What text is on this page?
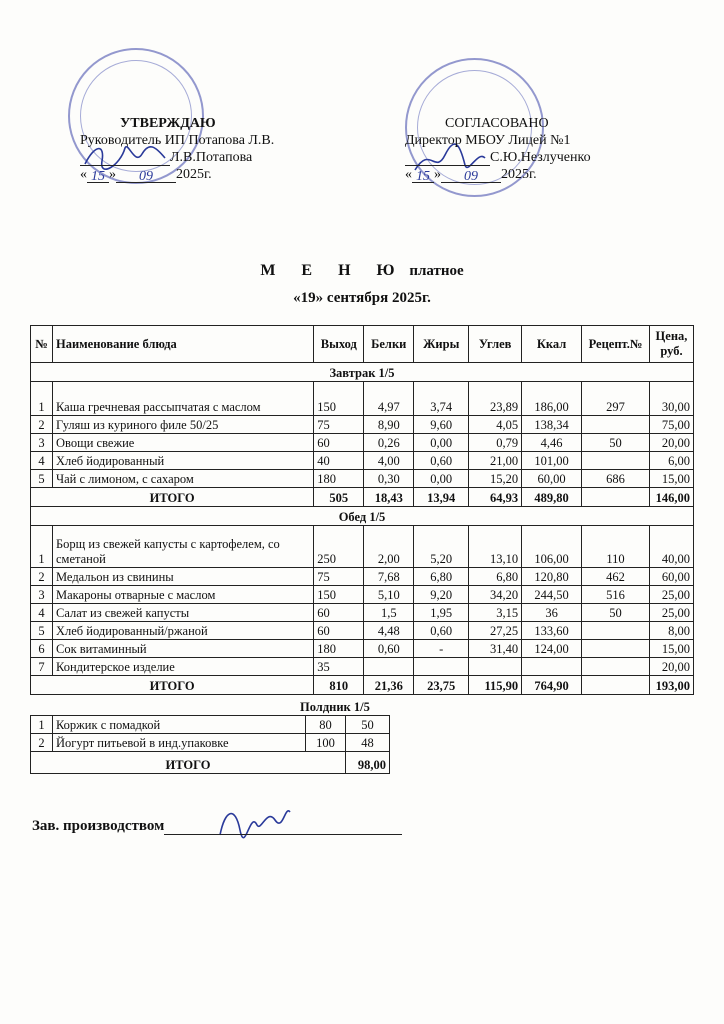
УТВЕРЖДАЮ
Руководитель ИП Потапова Л.В.
Л.В.Потапова
« 15 » 09 2025г.
СОГЛАСОВАНО
Директор МБОУ Лицей №1
С.Ю.Незлученко
« 15 » 09 2025г.
М Е Н Ю платное
«19» сентября 2025г.
№	Наименование блюда	Выход	Белки	Жиры	Углев	Ккал	Рецепт.№	Цена, руб.
Завтрак 1/5								
1	Каша гречневая рассыпчатая с маслом	150	4,97	3,74	23,89	186,00	297	30,00
2	Гуляш из куриного филе 50/25	75	8,90	9,60	4,05	138,34		75,00
3	Овощи свежие	60	0,26	0,00	0,79	4,46	50	20,00
4	Хлеб йодированный	40	4,00	0,60	21,00	101,00		6,00
5	Чай с лимоном, с сахаром	180	0,30	0,00	15,20	60,00	686	15,00
ИТОГО		505	18,43	13,94	64,93	489,80		146,00
Обед 1/5								
1	Борщ из свежей капусты с картофелем, со сметаной	250	2,00	5,20	13,10	106,00	110	40,00
2	Медальон из свинины	75	7,68	6,80	6,80	120,80	462	60,00
3	Макароны отварные с маслом	150	5,10	9,20	34,20	244,50	516	25,00
4	Салат из свежей капусты	60	1,5	1,95	3,15	36	50	25,00
5	Хлеб йодированный/ржаной	60	4,48	0,60	27,25	133,60		8,00
6	Сок витаминный	180	0,60	-	31,40	124,00		15,00
7	Кондитерское изделие	35						20,00
ИТОГО		810	21,36	23,75	115,90	764,90		193,00
Полдник 1/5
1	Коржик с помадкой	80	50
2	Йогурт питьевой в инд.упаковке	100	48
ИТОГО			98,00
Зав. производством
